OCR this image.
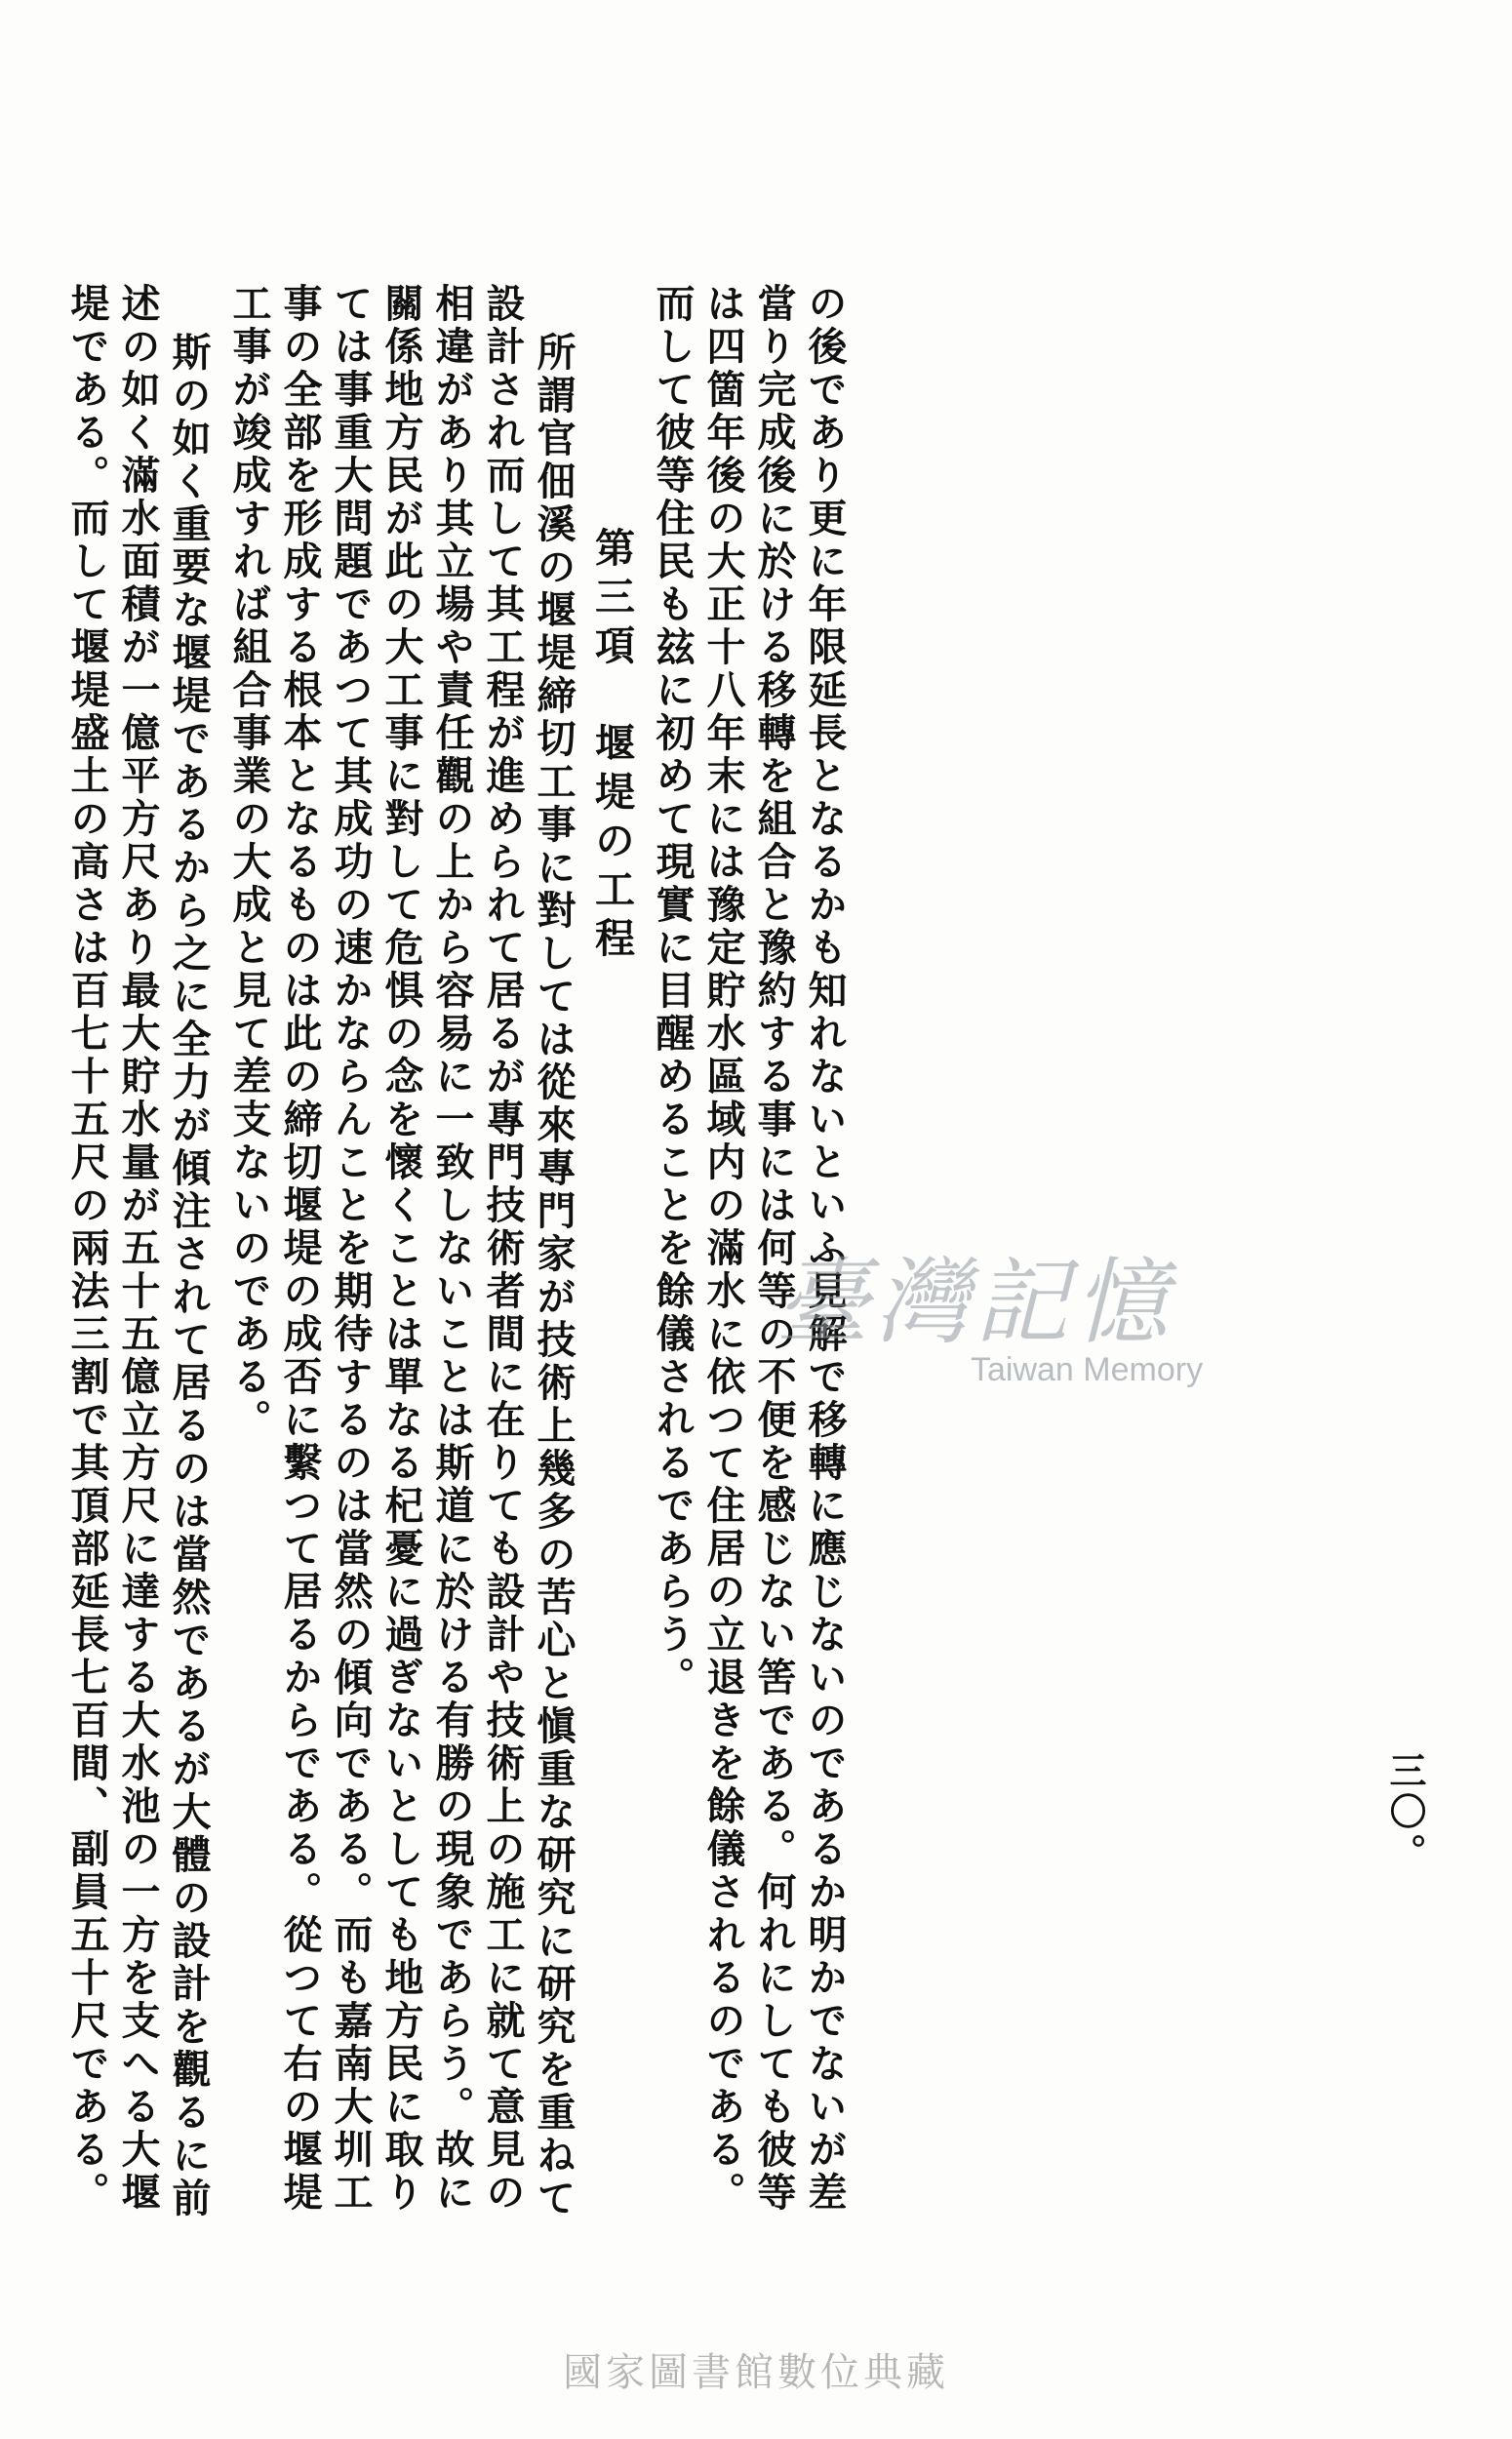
三〇。
の後であり更に年限延長となるかも知れないといふ見解で移轉に應じないのであるか明かでないが差
當り完成後に於ける移轉を組合と豫約する事には何等の不便を感じない筈である。何れにしても彼等
は四箇年後の大正十八年末には豫定貯水區域内の滿水に依つて住居の立退きを餘儀されるのである。
而して彼等住民も玆に初めて現實に目醒めることを餘儀されるであらう。
第三項　堰堤の工程
所謂官佃溪の堰堤締切工事に對しては從來專門家が技術上幾多の苦心と愼重な研究に研究を重ねて
設計され而して其工程が進められて居るが專門技術者間に在りても設計や技術上の施工に就て意見の
相違があり其立場や責任觀の上から容易に一致しないことは斯道に於ける有勝の現象であらう。故に
關係地方民が此の大工事に對して危惧の念を懷くことは單なる杞憂に過ぎないとしても地方民に取り
ては事重大問題であつて其成功の速かならんことを期待するのは當然の傾向である。而も嘉南大圳工
事の全部を形成する根本となるものは此の締切堰堤の成否に繫つて居るからである。從つて右の堰堤
工事が竣成すれば組合事業の大成と見て差支ないのである。
斯の如く重要な堰堤であるから之に全力が傾注されて居るのは當然であるが大體の設計を觀るに前
述の如く滿水面積が一億平方尺あり最大貯水量が五十五億立方尺に達する大水池の一方を支へる大堰
堤である。而して堰堤盛土の高さは百七十五尺の兩法三割で其頂部延長七百間、副員五十尺である。	臺灣記憶
Taiwan Memory
國家圖書館數位典藏
